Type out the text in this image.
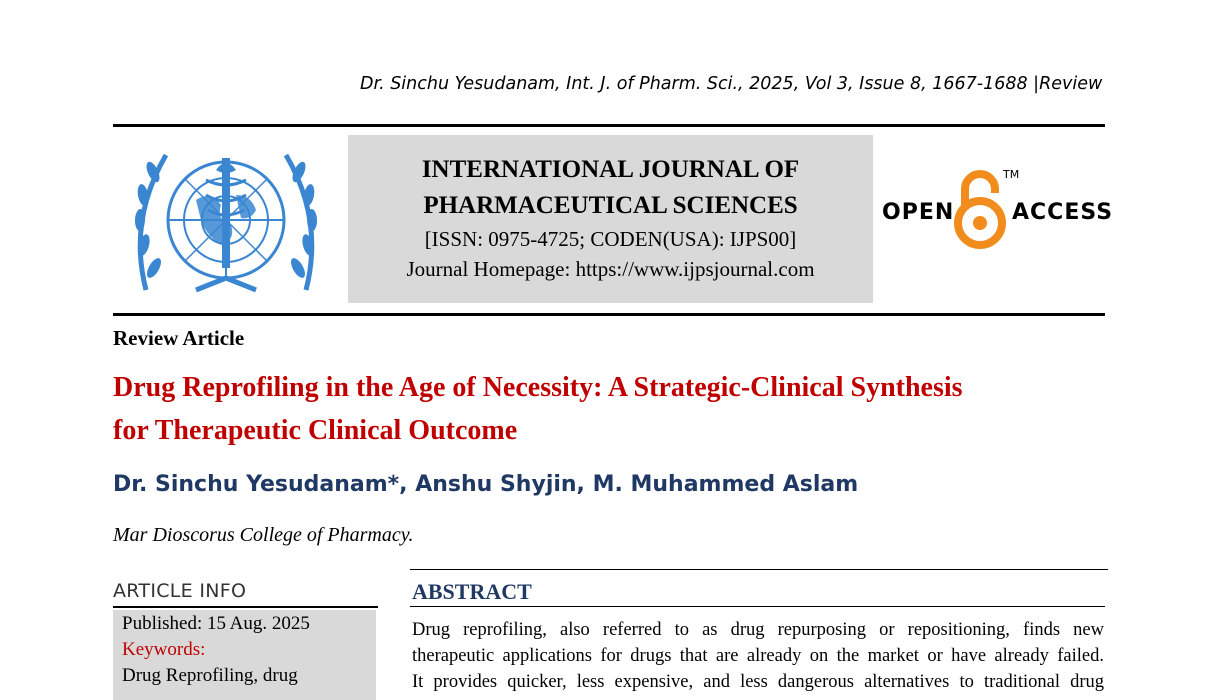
Dr. Sinchu Yesudanam, Int. J. of Pharm. Sci., 2025, Vol 3, Issue 8, 1667-1688 |Review
INTERNATIONAL JOURNAL OF
PHARMACEUTICAL SCIENCES
[ISSN: 0975-4725; CODEN(USA): IJPS00]
Journal Homepage: https://www.ijpsjournal.com
OPEN
TM
ACCESS
Review Article
Drug Reprofiling in the Age of Necessity: A Strategic-Clinical Synthesis
for Therapeutic Clinical Outcome
Dr. Sinchu Yesudanam*, Anshu Shyjin, M. Muhammed Aslam
Mar Dioscorus College of Pharmacy.
ARTICLE INFO
Published: 15 Aug. 2025
Keywords:
Drug Reprofiling, drug
ABSTRACT
Drug reprofiling, also referred to as drug repurposing or repositioning, finds new
therapeutic applications for drugs that are already on the market or have already failed.
It provides quicker, less expensive, and less dangerous alternatives to traditional drug
